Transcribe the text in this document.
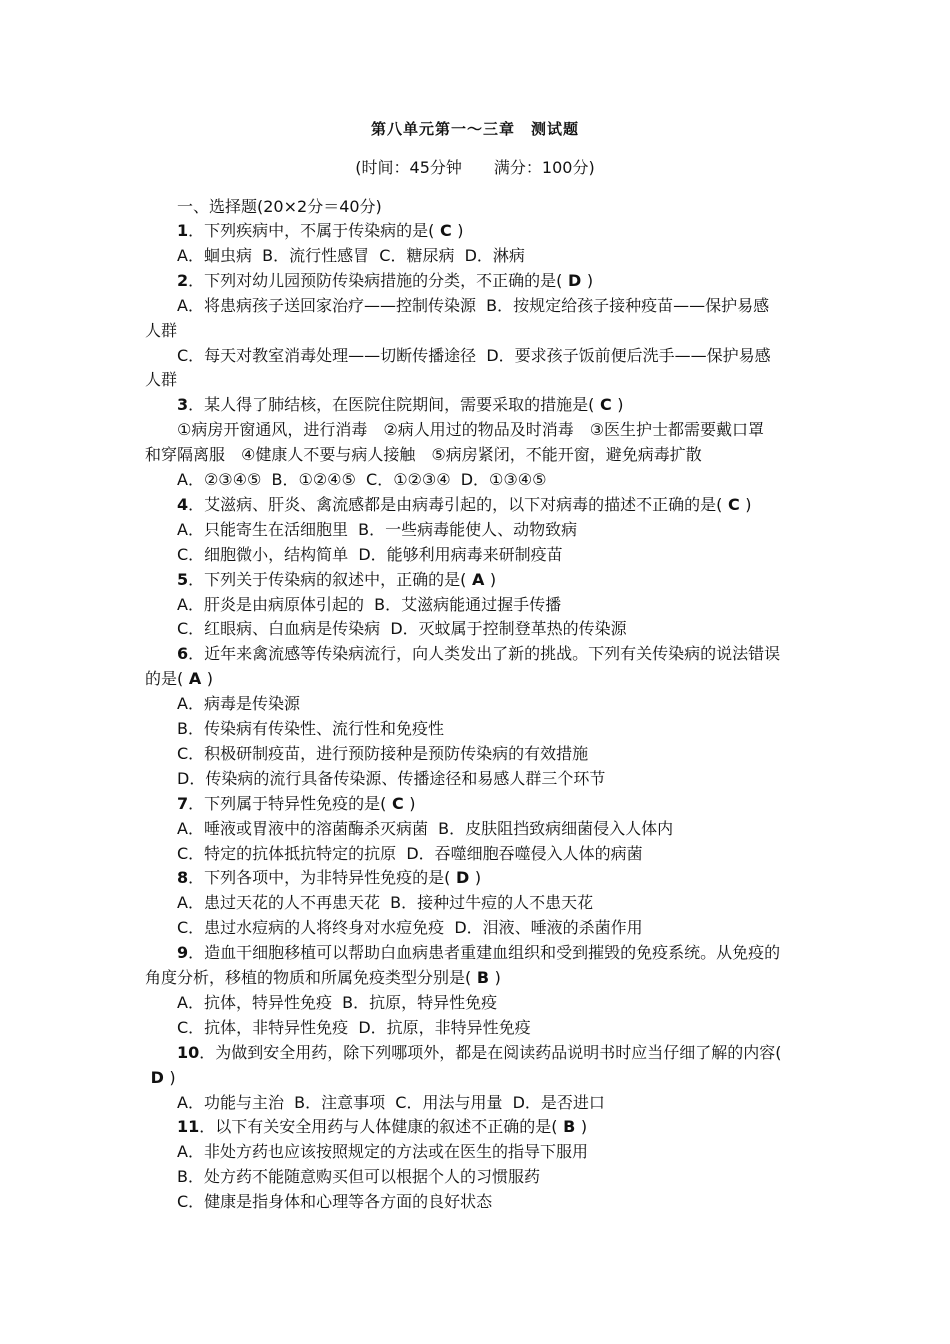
第八单元第一～三章　测试题
(时间：45分钟　　满分：100分)
一、选择题(20×2分＝40分)
1．下列疾病中，不属于传染病的是( C )
A．蛔虫病  B．流行性感冒  C．糖尿病  D．淋病
2．下列对幼儿园预防传染病措施的分类，不正确的是( D )
A．将患病孩子送回家治疗——控制传染源  B．按规定给孩子接种疫苗——保护易感
人群
C．每天对教室消毒处理——切断传播途径  D．要求孩子饭前便后洗手——保护易感
人群
3．某人得了肺结核，在医院住院期间，需要采取的措施是( C )
①病房开窗通风，进行消毒　②病人用过的物品及时消毒　③医生护士都需要戴口罩
和穿隔离服　④健康人不要与病人接触　⑤病房紧闭，不能开窗，避免病毒扩散
A．②③④⑤  B．①②④⑤  C．①②③④  D．①③④⑤
4．艾滋病、肝炎、禽流感都是由病毒引起的，以下对病毒的描述不正确的是( C )
A．只能寄生在活细胞里  B．一些病毒能使人、动物致病
C．细胞微小，结构简单  D．能够利用病毒来研制疫苗
5．下列关于传染病的叙述中，正确的是( A )
A．肝炎是由病原体引起的  B．艾滋病能通过握手传播
C．红眼病、白血病是传染病  D．灭蚊属于控制登革热的传染源
6．近年来禽流感等传染病流行，向人类发出了新的挑战。下列有关传染病的说法错误
的是( A )
A．病毒是传染源
B．传染病有传染性、流行性和免疫性
C．积极研制疫苗，进行预防接种是预防传染病的有效措施
D．传染病的流行具备传染源、传播途径和易感人群三个环节
7．下列属于特异性免疫的是( C )
A．唾液或胃液中的溶菌酶杀灭病菌  B．皮肤阻挡致病细菌侵入人体内
C．特定的抗体抵抗特定的抗原  D．吞噬细胞吞噬侵入人体的病菌
8．下列各项中，为非特异性免疫的是( D )
A．患过天花的人不再患天花  B．接种过牛痘的人不患天花
C．患过水痘病的人将终身对水痘免疫  D．泪液、唾液的杀菌作用
9．造血干细胞移植可以帮助白血病患者重建血组织和受到摧毁的免疫系统。从免疫的
角度分析，移植的物质和所属免疫类型分别是( B )
A．抗体，特异性免疫  B．抗原，特异性免疫
C．抗体，非特异性免疫  D．抗原，非特异性免疫
10．为做到安全用药，除下列哪项外，都是在阅读药品说明书时应当仔细了解的内容(
D )
A．功能与主治  B．注意事项  C．用法与用量  D．是否进口
11．以下有关安全用药与人体健康的叙述不正确的是( B )
A．非处方药也应该按照规定的方法或在医生的指导下服用
B．处方药不能随意购买但可以根据个人的习惯服药
C．健康是指身体和心理等各方面的良好状态
